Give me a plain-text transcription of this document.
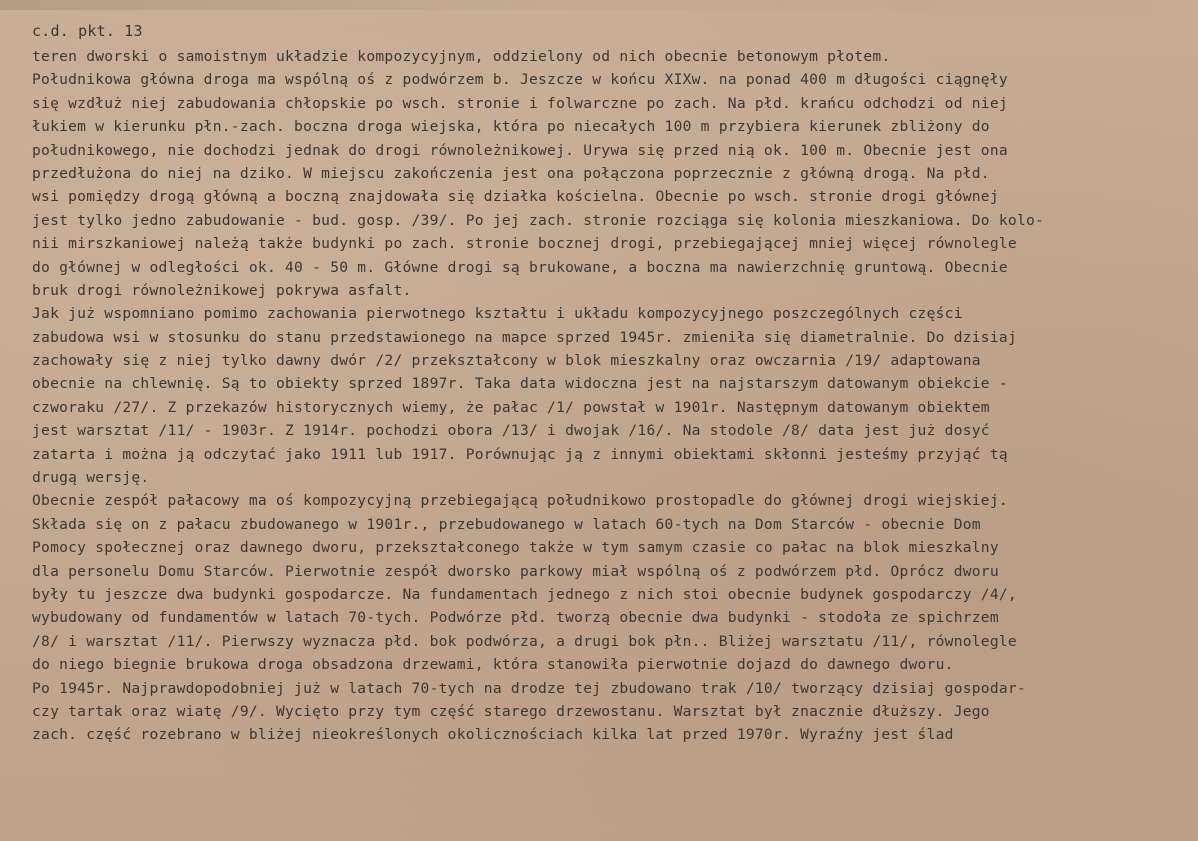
c.d. pkt. 13
teren dworski o samoistnym układzie kompozycyjnym, oddzielony od nich obecnie betonowym płotem.
Południkowa główna droga ma wspólną oś z podwórzem b. Jeszcze w końcu XIXw. na ponad 400 m długości ciągnęły
się wzdłuż niej zabudowania chłopskie po wsch. stronie i folwarczne po zach. Na płd. krańcu odchodzi od niej
łukiem w kierunku płn.-zach. boczna droga wiejska, która po niecałych 100 m przybiera kierunek zbliżony do
południkowego, nie dochodzi jednak do drogi równoleżnikowej. Urywa się przed nią ok. 100 m. Obecnie jest ona
przedłużona do niej na dziko. W miejscu zakończenia jest ona połączona poprzecznie z główną drogą. Na płd.
wsi pomiędzy drogą główną a boczną znajdowała się działka kościelna. Obecnie po wsch. stronie drogi głównej
jest tylko jedno zabudowanie - bud. gosp. /39/. Po jej zach. stronie rozciąga się kolonia mieszkaniowa. Do kolo-
nii mirszkaniowej należą także budynki po zach. stronie bocznej drogi, przebiegającej mniej więcej równolegle
do głównej w odległości ok. 40 - 50 m. Główne drogi są brukowane, a boczna ma nawierzchnię gruntową. Obecnie
bruk drogi równoleżnikowej pokrywa asfalt.
Jak już wspomniano pomimo zachowania pierwotnego kształtu i układu kompozycyjnego poszczególnych części
zabudowa wsi w stosunku do stanu przedstawionego na mapce sprzed 1945r. zmieniła się diametralnie. Do dzisiaj
zachowały się z niej tylko dawny dwór /2/ przekształcony w blok mieszkalny oraz owczarnia /19/ adaptowana
obecnie na chlewnię. Są to obiekty sprzed 1897r. Taka data widoczna jest na najstarszym datowanym obiekcie -
czworaku /27/. Z przekazów historycznych wiemy, że pałac /1/ powstał w 1901r. Następnym datowanym obiektem
jest warsztat /11/ - 1903r. Z 1914r. pochodzi obora /13/ i dwojak /16/. Na stodole /8/ data jest już dosyć
zatarta i można ją odczytać jako 1911 lub 1917. Porównując ją z innymi obiektami skłonni jesteśmy przyjąć tą
drugą wersję.
Obecnie zespół pałacowy ma oś kompozycyjną przebiegającą południkowo prostopadle do głównej drogi wiejskiej.
Składa się on z pałacu zbudowanego w 1901r., przebudowanego w latach 60-tych na Dom Starców - obecnie Dom
Pomocy społecznej oraz dawnego dworu, przekształconego także w tym samym czasie co pałac na blok mieszkalny
dla personelu Domu Starców. Pierwotnie zespół dworsko parkowy miał wspólną oś z podwórzem płd. Oprócz dworu
były tu jeszcze dwa budynki gospodarcze. Na fundamentach jednego z nich stoi obecnie budynek gospodarczy /4/,
wybudowany od fundamentów w latach 70-tych. Podwórze płd. tworzą obecnie dwa budynki - stodoła ze spichrzem
/8/ i warsztat /11/. Pierwszy wyznacza płd. bok podwórza, a drugi bok płn.. Bliżej warsztatu /11/, równolegle
do niego biegnie brukowa droga obsadzona drzewami, która stanowiła pierwotnie dojazd do dawnego dworu.
Po 1945r. Najprawdopodobniej już w latach 70-tych na drodze tej zbudowano trak /10/ tworzący dzisiaj gospodar-
czy tartak oraz wiatę /9/. Wycięto przy tym część starego drzewostanu. Warsztat był znacznie dłuższy. Jego
zach. część rozebrano w bliżej nieokreślonych okolicznościach kilka lat przed 1970r. Wyraźny jest ślad
